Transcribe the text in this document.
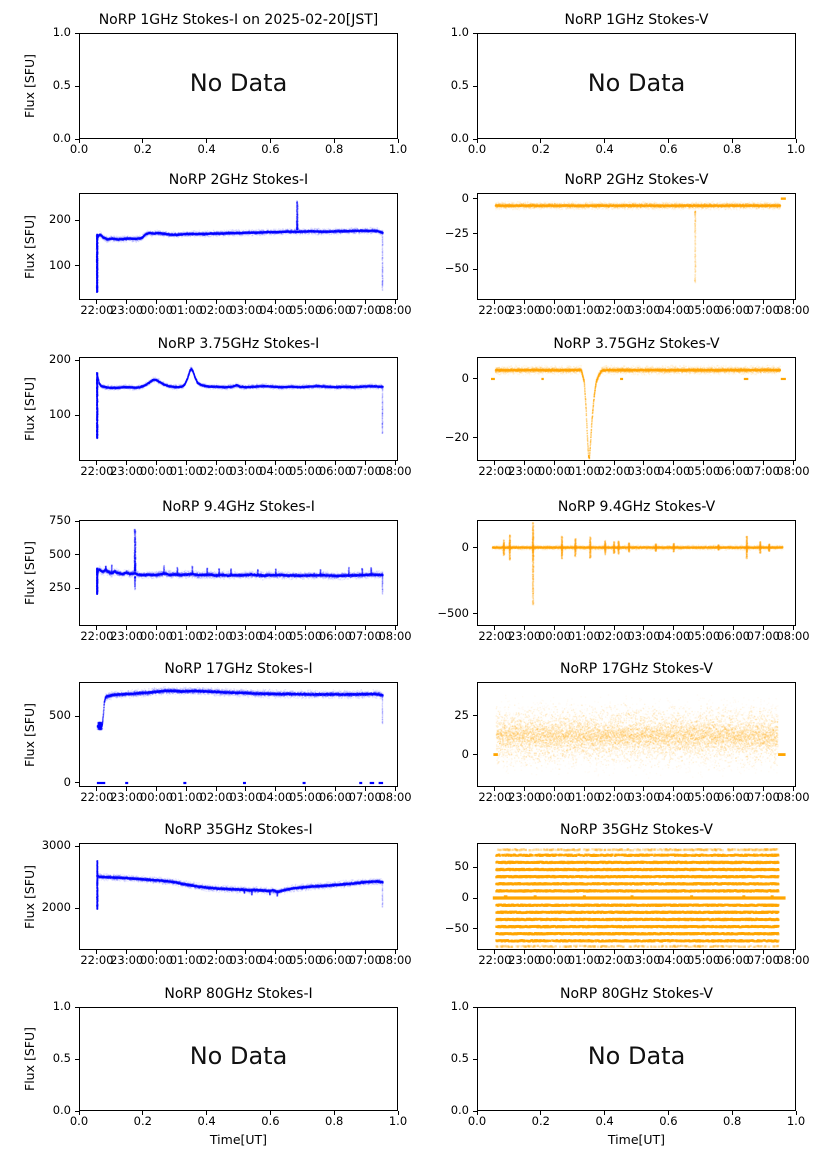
NoRP 1GHz Stokes-I on 2025-02-20[JST]
Flux [SFU]	No Data
0.0	0.2	0.4	0.6	0.8	1.0
1.0
0.5
0.0
NoRP 1GHz Stokes-V
No Data
0.0	0.2	0.4	0.6	0.8	1.0
1.0
0.5
0.0
NoRP 2GHz Stokes-I
Flux [SFU]
22:00
23:00
00:00
01:00
02:00
03:00
04:00
05:00
06:00
07:00
08:00
200
100
NoRP 2GHz Stokes-V
22:00
23:00
00:00
01:00
02:00
03:00
04:00
05:00
06:00
07:00
08:00
0
−25
−50
NoRP 3.75GHz Stokes-I
Flux [SFU]
22:00
23:00
00:00
01:00
02:00
03:00
04:00
05:00
06:00
07:00
08:00
200
100
NoRP 3.75GHz Stokes-V
22:00
23:00
00:00
01:00
02:00
03:00
04:00
05:00
06:00
07:00
08:00
0
−20
NoRP 9.4GHz Stokes-I
Flux [SFU]
22:00
23:00
00:00
01:00
02:00
03:00
04:00
05:00
06:00
07:00
08:00
750
500
250
NoRP 9.4GHz Stokes-V
22:00
23:00
00:00
01:00
02:00
03:00
04:00
05:00
06:00
07:00
08:00
0
−500
NoRP 17GHz Stokes-I
Flux [SFU]
22:00
23:00
00:00
01:00
02:00
03:00
04:00
05:00
06:00
07:00
08:00
500
0
NoRP 17GHz Stokes-V
22:00
23:00
00:00
01:00
02:00
03:00
04:00
05:00
06:00
07:00
08:00
25
0
NoRP 35GHz Stokes-I
Flux [SFU]
22:00
23:00
00:00
01:00
02:00
03:00
04:00
05:00
06:00
07:00
08:00
3000
2000
NoRP 35GHz Stokes-V
22:00
23:00
00:00
01:00
02:00
03:00
04:00
05:00
06:00
07:00
08:00
50
0
−50
NoRP 80GHz Stokes-I
Flux [SFU]	No Data
Time[UT]
0.0	0.2	0.4	0.6	0.8	1.0
1.0
0.5
0.0
NoRP 80GHz Stokes-V
No Data
Time[UT]
0.0	0.2	0.4	0.6	0.8	1.0
1.0
0.5
0.0
